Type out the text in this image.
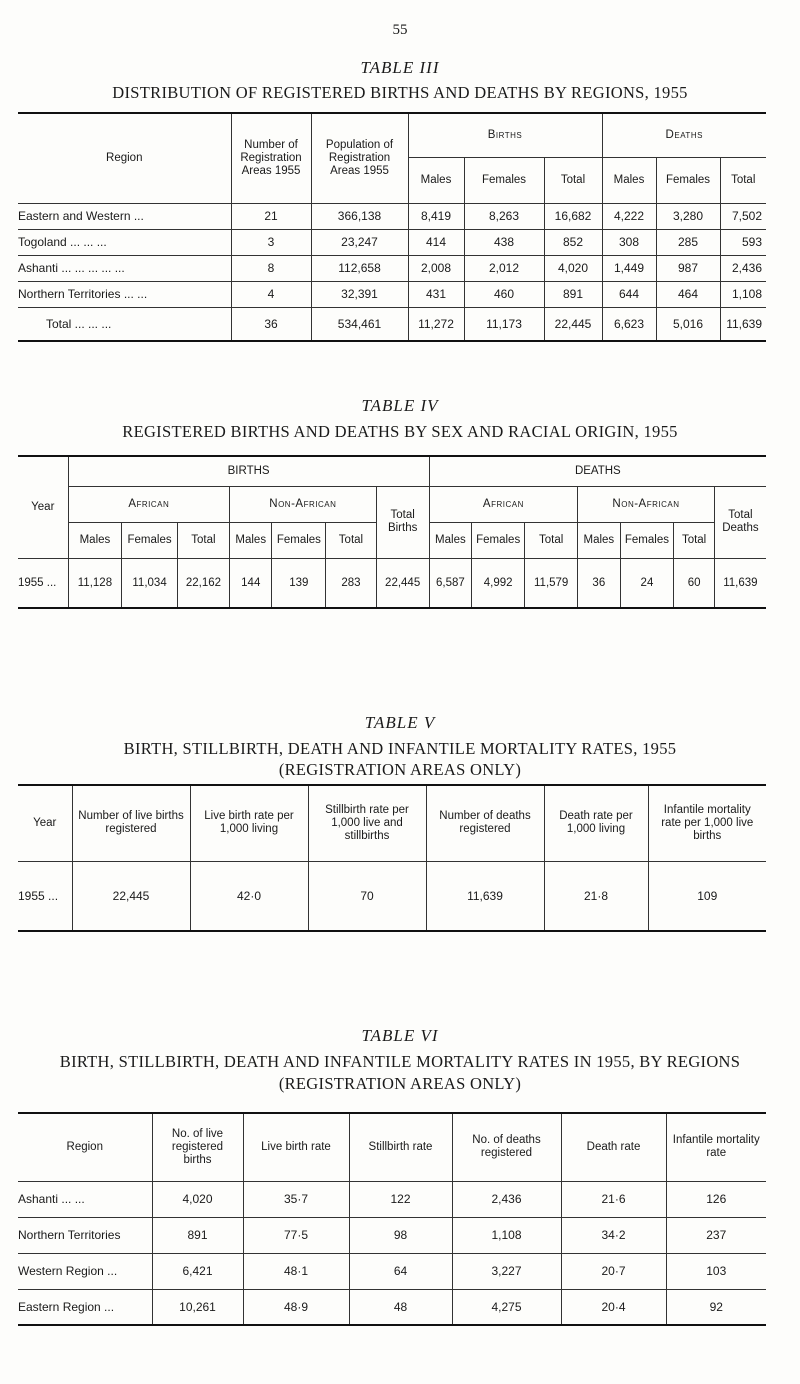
55
TABLE III
DISTRIBUTION OF REGISTERED BIRTHS AND DEATHS BY REGIONS, 1955
Region	Number of Registration Areas 1955	Population of Registration Areas 1955	Births			Deaths		
			Males	Females	Total	Males	Females	Total
Eastern and Western ...	21	366,138	8,419	8,263	16,682	4,222	3,280	7,502
Togoland ... ... ...	3	23,247	414	438	852	308	285	593
Ashanti ... ... ... ... ...	8	112,658	2,008	2,012	4,020	1,449	987	2,436
Northern Territories ... ...	4	32,391	431	460	891	644	464	1,108
Total ... ... ...	36	534,461	11,272	11,173	22,445	6,623	5,016	11,639
TABLE IV
REGISTERED BIRTHS AND DEATHS BY SEX AND RACIAL ORIGIN, 1955
Year	BIRTHS							DEATHS						
	African			Non-African			Total Births	African			Non-African			Total Deaths
	Males	Females	Total	Males	Females	Total		Males	Females	Total	Males	Females	Total	
1955 ...	11,128	11,034	22,162	144	139	283	22,445	6,587	4,992	11,579	36	24	60	11,639
TABLE V
BIRTH, STILLBIRTH, DEATH AND INFANTILE MORTALITY RATES, 1955
(REGISTRATION AREAS ONLY)
Year	Number of live births registered	Live birth rate per 1,000 living	Stillbirth rate per 1,000 live and stillbirths	Number of deaths registered	Death rate per 1,000 living	Infantile mortality rate per 1,000 live births
1955 ...	22,445	42·0	70	11,639	21·8	109
TABLE VI
BIRTH, STILLBIRTH, DEATH AND INFANTILE MORTALITY RATES IN 1955, BY REGIONS
(REGISTRATION AREAS ONLY)
Region	No. of live registered births	Live birth rate	Stillbirth rate	No. of deaths registered	Death rate	Infantile mortality rate
Ashanti ... ...	4,020	35·7	122	2,436	21·6	126
Northern Territories	891	77·5	98	1,108	34·2	237
Western Region ...	6,421	48·1	64	3,227	20·7	103
Eastern Region ...	10,261	48·9	48	4,275	20·4	92
